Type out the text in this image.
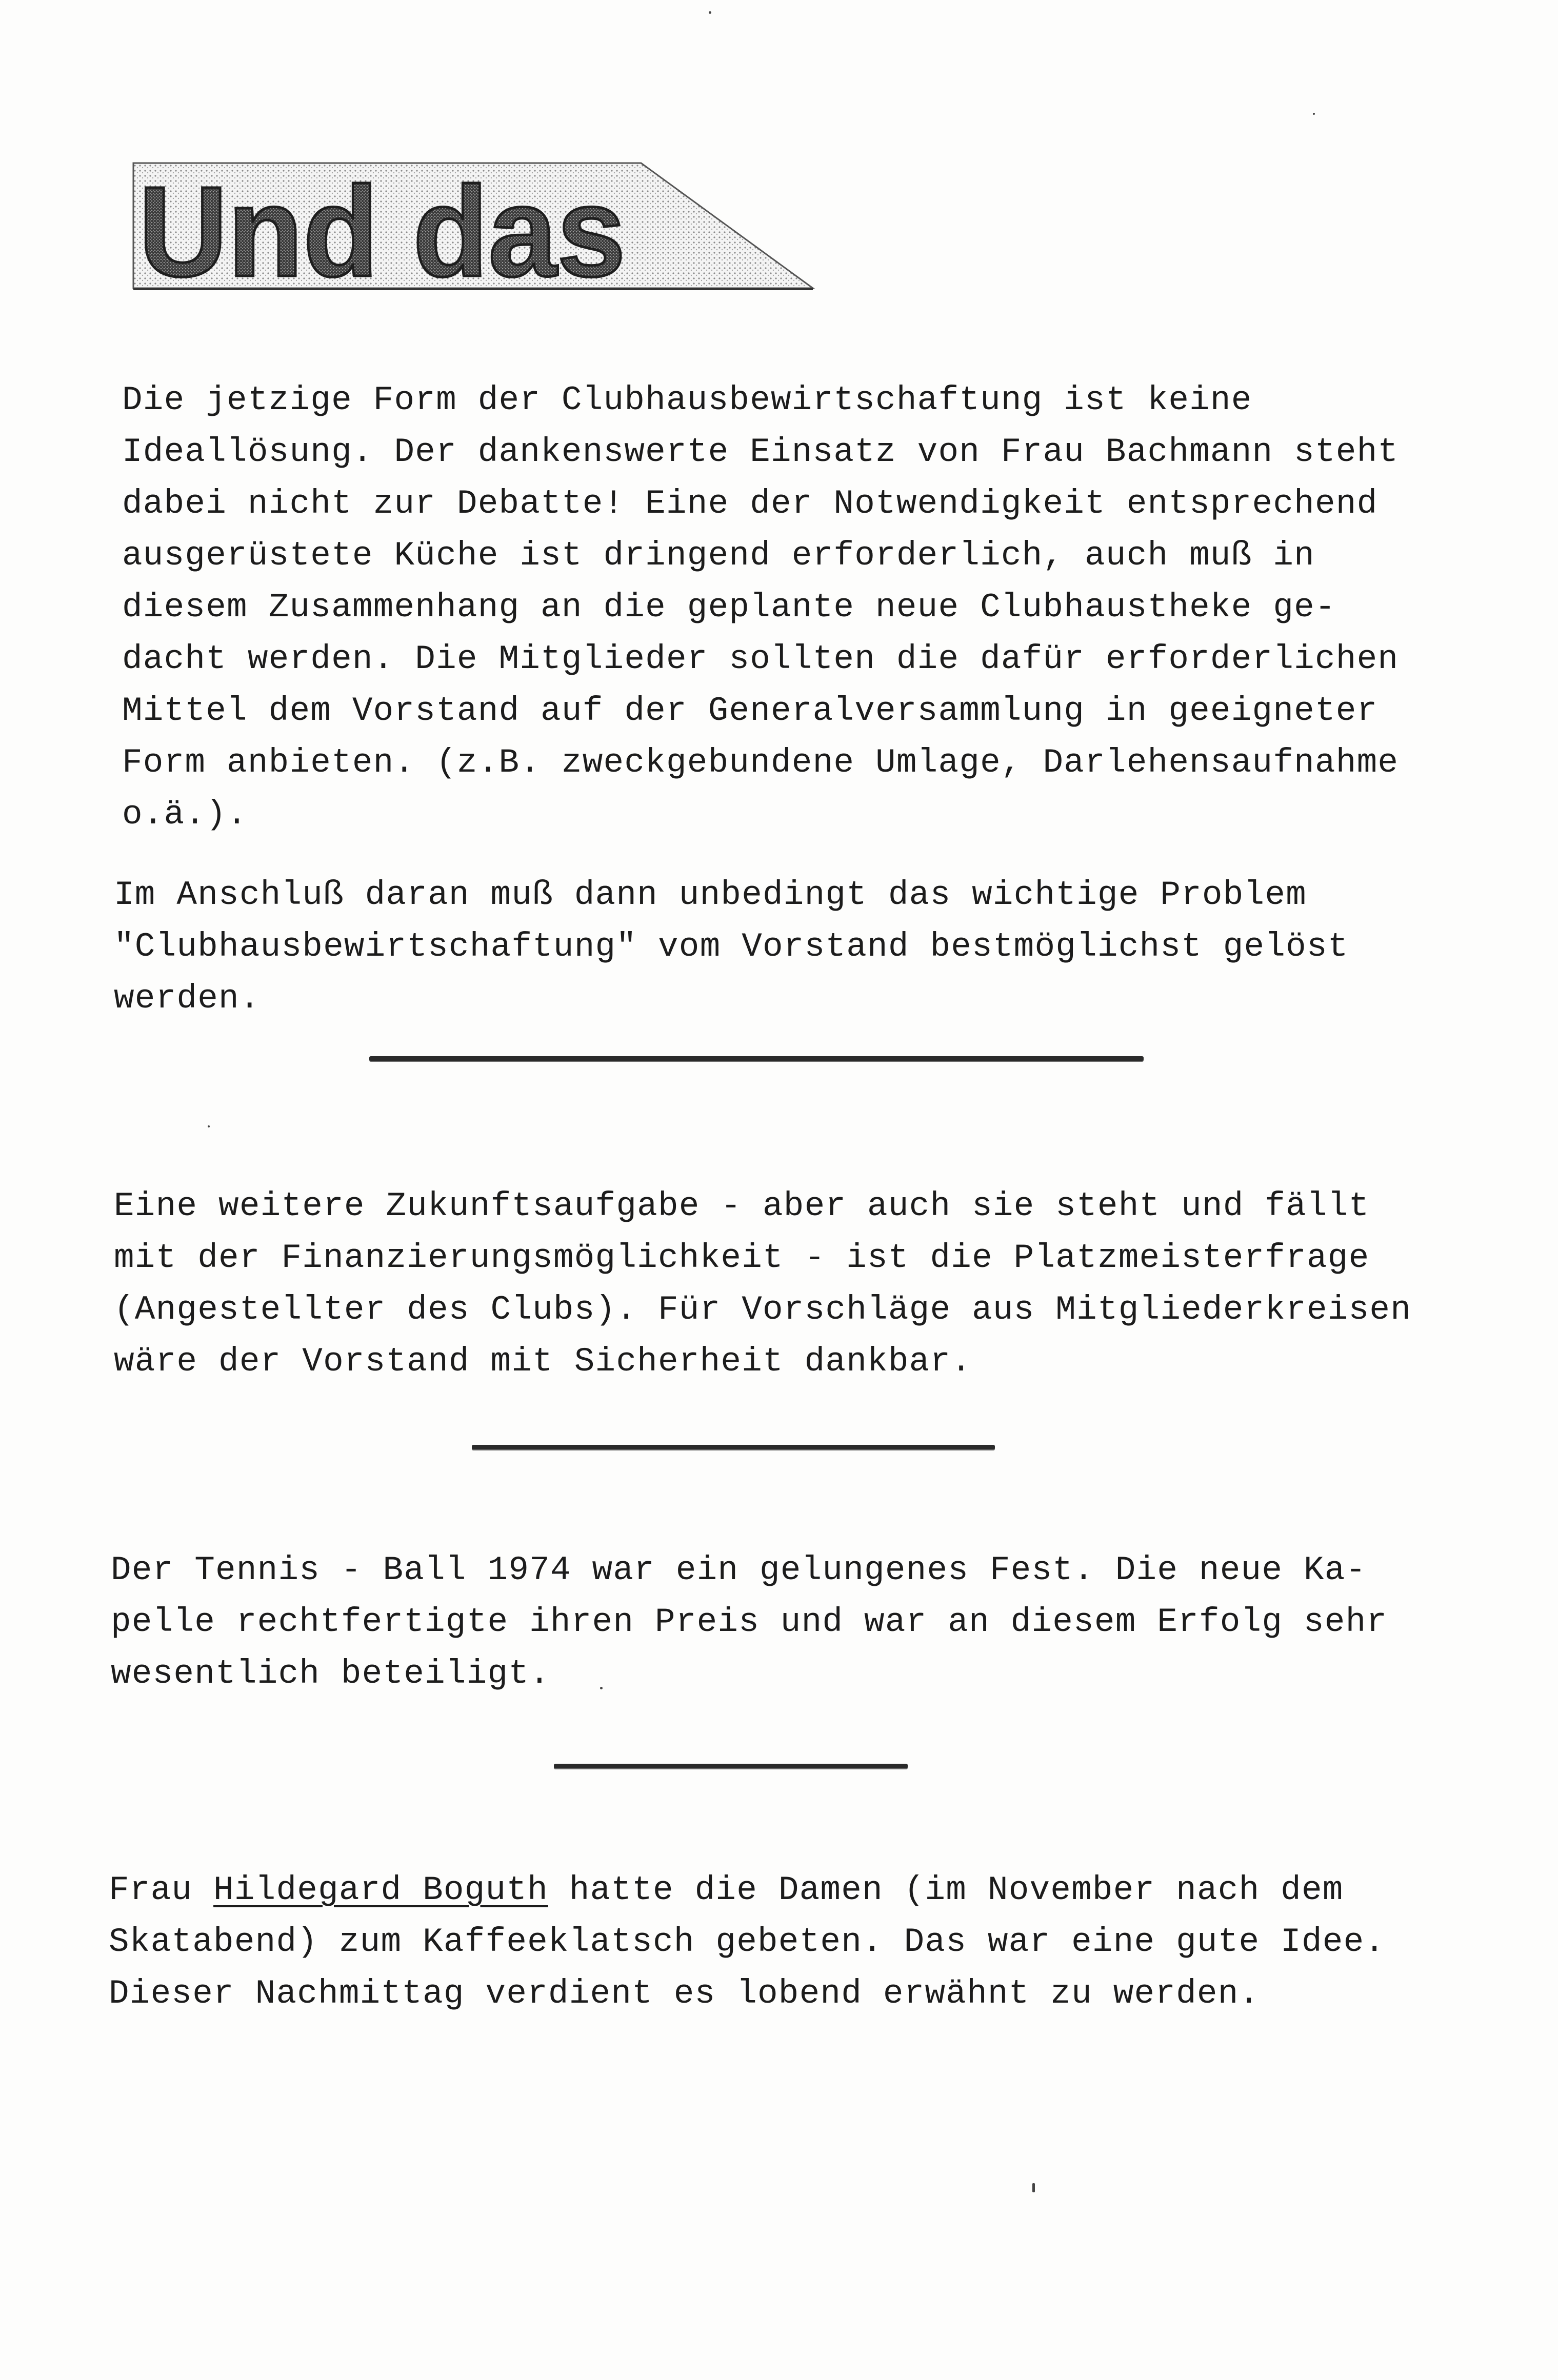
Und das

Die jetzige Form der Clubhausbewirtschaftung ist keine
Ideallösung. Der dankenswerte Einsatz von Frau Bachmann steht
dabei nicht zur Debatte! Eine der Notwendigkeit entsprechend
ausgerüstete Küche ist dringend erforderlich, auch muß in
diesem Zusammenhang an die geplante neue Clubhaustheke ge-
dacht werden. Die Mitglieder sollten die dafür erforderlichen
Mittel dem Vorstand auf der Generalversammlung in geeigneter
Form anbieten. (z.B. zweckgebundene Umlage, Darlehensaufnahme
o.ä.).

Im Anschluß daran muß dann unbedingt das wichtige Problem
"Clubhausbewirtschaftung" vom Vorstand bestmöglichst gelöst
werden.

Eine weitere Zukunftsaufgabe - aber auch sie steht und fällt
mit der Finanzierungsmöglichkeit - ist die Platzmeisterfrage
(Angestellter des Clubs). Für Vorschläge aus Mitgliederkreisen
wäre der Vorstand mit Sicherheit dankbar.

Der Tennis - Ball 1974 war ein gelungenes Fest. Die neue Ka-
pelle rechtfertigte ihren Preis und war an diesem Erfolg sehr
wesentlich beteiligt.

Frau Hildegard Boguth hatte die Damen (im November nach dem
Skatabend) zum Kaffeeklatsch gebeten. Das war eine gute Idee.
Dieser Nachmittag verdient es lobend erwähnt zu werden.
